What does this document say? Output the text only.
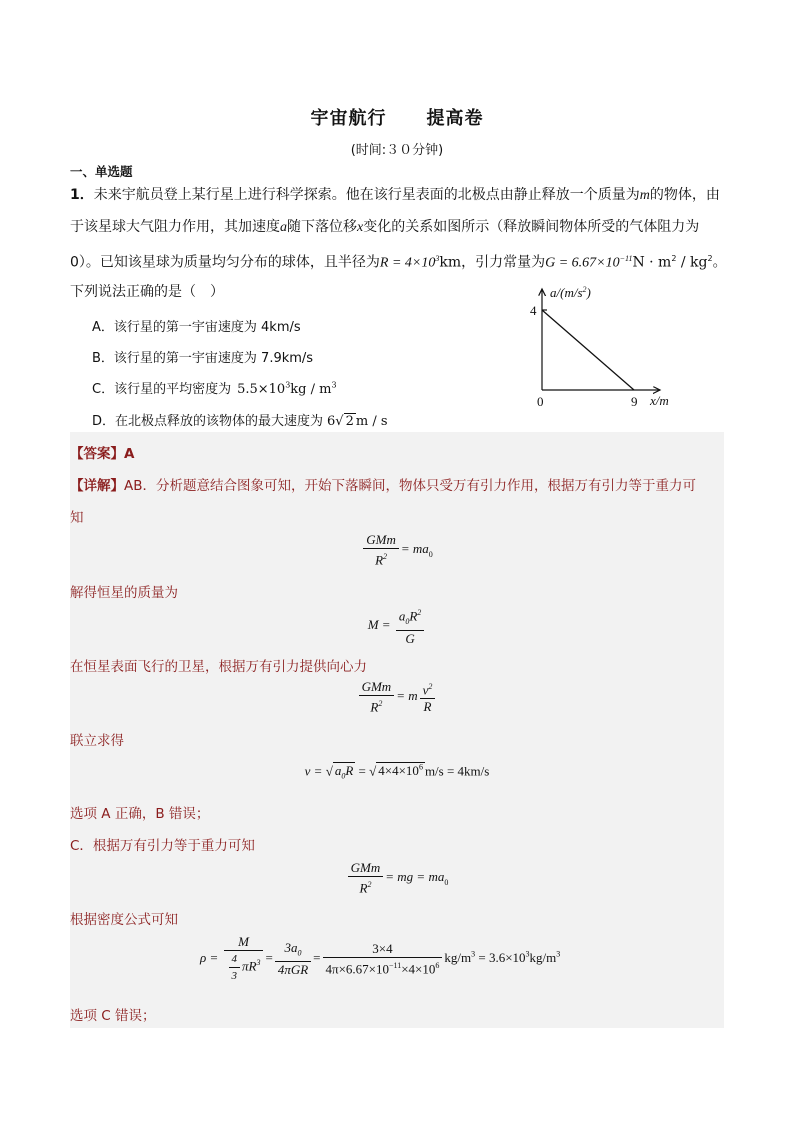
宇宙航行 提高卷
(时间:３０分钟)
一、单选题
1．未来宇航员登上某行星上进行科学探索。他在该行星表面的北极点由静止释放一个质量为m的物体，由
于该星球大气阻力作用，其加速度a随下落位移x变化的关系如图所示（释放瞬间物体所受的气体阻力为
0）。已知该星球为质量均匀分布的球体，且半径为$R = 4\times 10^3km$，引力常量为$G = 6.67\times 10^{-11}N \cdot m^2 / kg^2$。
下列说法正确的是（　）
A．该行星的第一宇宙速度为 4km/s
B．该行星的第一宇宙速度为 7.9km/s
C．该行星的平均密度为 $5.5\times 10^3kg / m^3$
D．在北极点释放的该物体的最大速度为 6√ 2 m / s
$a/(m/s^2)$
4
0	9 x/m
【答案】A
【详解】AB．分析题意结合图象可知，开始下落瞬间，物体只受万有引力作用，根据万有引力等于重力可
知
$\frac{\text{GMm}}{R^2} = ma_0$
解得恒星的质量为
$M = \frac{a_0R^2}{G}$
在恒星表面飞行的卫星，根据万有引力提供向心力
$\frac{\text{GMm}}{R^2} = m \frac{v^2}{R}$
联立求得
v = √ $a_0R$ = √ $4\times 4\times 10^6$ m/s = 4km/s
选项 A 正确，B 错误；
C．根据万有引力等于重力可知
$\frac{\text{GMm}}{R^2}$ = mg = $ma_0$
根据密度公式可知
$\rho = \frac{M}{\frac{4}{3} \pi R^3} = \frac{3a_0}{\text{4πGR}} = \frac{3\times 4}{4\pi\times 6.67\times 10^{-11}\times 4\times 10^6} kg/m^3 = 3.6\times 10^3kg/m^3$
选项 C 错误；
